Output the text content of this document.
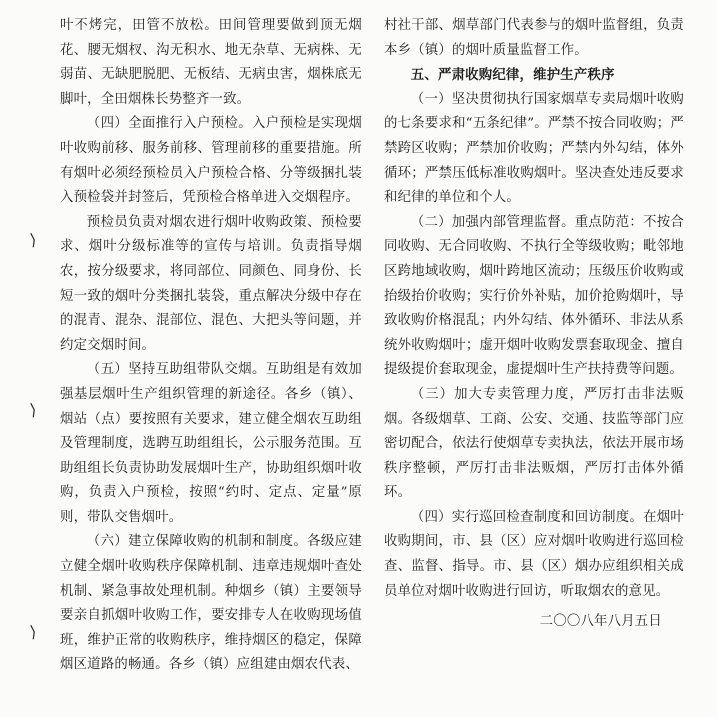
⟩
⟩
⟩

叶不烤完，田管不放松。田间管理要做到顶无烟花、腰无烟杈、沟无积水、地无杂草、无病株、无弱苗、无缺肥脱肥、无板结、无病虫害，烟株底无脚叶，全田烟株长势整齐一致。

（四）全面推行入户预检。入户预检是实现烟叶收购前移、服务前移、管理前移的重要措施。所有烟叶必须经预检员入户预检合格、分等级捆扎装入预检袋并封签后，凭预检合格单进入交烟程序。

预检员负责对烟农进行烟叶收购政策、预检要求、烟叶分级标准等的宣传与培训。负责指导烟农，按分级要求，将同部位、同颜色、同身份、长短一致的烟叶分类捆扎装袋，重点解决分级中存在的混青、混杂、混部位、混色、大把头等问题，并约定交烟时间。

（五）坚持互助组带队交烟。互助组是有效加强基层烟叶生产组织管理的新途径。各乡（镇）、烟站（点）要按照有关要求，建立健全烟农互助组及管理制度，选聘互助组组长，公示服务范围。互助组组长负责协助发展烟叶生产，协助组织烟叶收购，负责入户预检，按照“约时、定点、定量”原则，带队交售烟叶。

（六）建立保障收购的机制和制度。各级应建立健全烟叶收购秩序保障机制、违章违规烟叶查处机制、紧急事故处理机制。种烟乡（镇）主要领导要亲自抓烟叶收购工作，要安排专人在收购现场值班，维护正常的收购秩序，维持烟区的稳定，保障烟区道路的畅通。各乡（镇）应组建由烟农代表、

村社干部、烟草部门代表参与的烟叶监督组，负责本乡（镇）的烟叶质量监督工作。

五、严肃收购纪律，维护生产秩序

（一）坚决贯彻执行国家烟草专卖局烟叶收购的七条要求和“五条纪律”。严禁不按合同收购；严禁跨区收购；严禁加价收购；严禁内外勾结，体外循环；严禁压低标准收购烟叶。坚决查处违反要求和纪律的单位和个人。

（二）加强内部管理监督。重点防范：不按合同收购、无合同收购、不执行全等级收购；毗邻地区跨地域收购，烟叶跨地区流动；压级压价收购或抬级抬价收购；实行价外补贴，加价抢购烟叶，导致收购价格混乱；内外勾结、体外循环、非法从系统外收购烟叶；虚开烟叶收购发票套取现金、擅自提级提价套取现金，虚提烟叶生产扶持费等问题。

（三）加大专卖管理力度，严厉打击非法贩烟。各级烟草、工商、公安、交通、技监等部门应密切配合，依法行使烟草专卖执法，依法开展市场秩序整顿，严厉打击非法贩烟，严厉打击体外循环。

（四）实行巡回检查制度和回访制度。在烟叶收购期间，市、县（区）应对烟叶收购进行巡回检查、监督、指导。市、县（区）烟办应组织相关成员单位对烟叶收购进行回访，听取烟农的意见。

二〇〇八年八月五日
